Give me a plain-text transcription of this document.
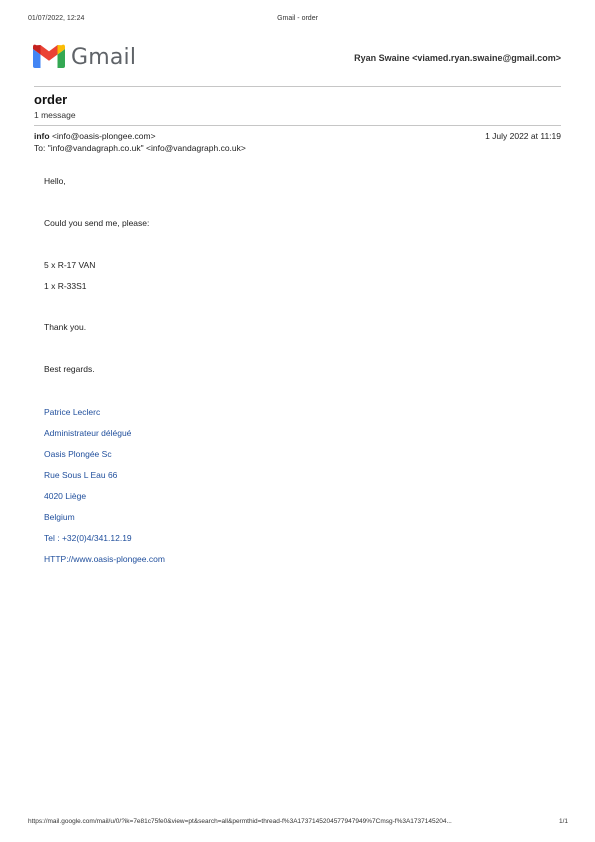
01/07/2022, 12:24	Gmail - order
Gmail	Ryan Swaine <viamed.ryan.swaine@gmail.com>
order
1 message
info <info@oasis-plongee.com>	1 July 2022 at 11:19
To: "info@vandagraph.co.uk" <info@vandagraph.co.uk>
Hello,
Could you send me, please:
5 x R-17 VAN
1 x R-33S1
Thank you.
Best regards.
Patrice Leclerc
Administrateur délégué
Oasis Plongée Sc
Rue Sous L Eau 66
4020 Liège
Belgium
Tel : +32(0)4/341.12.19
HTTP://www.oasis-plongee.com
https://mail.google.com/mail/u/0/?ik=7e81c75fe0&view=pt&search=all&permthid=thread-f%3A1737145204577947949%7Cmsg-f%3A1737145204...	1/1
